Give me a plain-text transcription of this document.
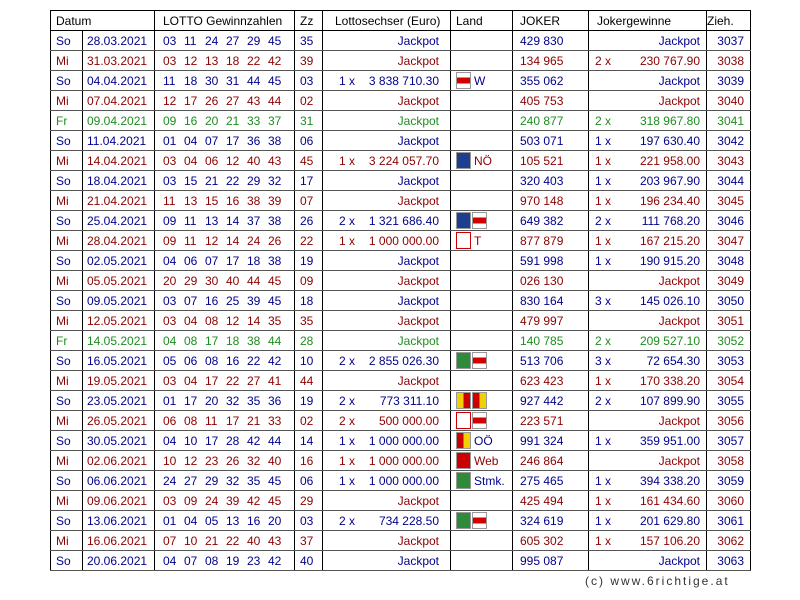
Datum		LOTTO Gewinnzahlen	Zz	Lottosechser (Euro)	Land	JOKER	Jokergewinne	Zieh.
So	28.03.2021	03 11 24 27 29 45	35	Jackpot		429 830	Jackpot	3037
Mi	31.03.2021	03 12 13 18 22 42	39	Jackpot		134 965	2 x 230 767.90	3038
So	04.04.2021	11 18 30 31 44 45	03	1 x 3 838 710.30	W	355 062	Jackpot	3039
Mi	07.04.2021	12 17 26 27 43 44	02	Jackpot		405 753	Jackpot	3040
Fr	09.04.2021	09 16 20 21 33 37	31	Jackpot		240 877	2 x 318 967.80	3041
So	11.04.2021	01 04 07 17 36 38	06	Jackpot		503 071	1 x 197 630.40	3042
Mi	14.04.2021	03 04 06 12 40 43	45	1 x 3 224 057.70	NÖ	105 521	1 x 221 958.00	3043
So	18.04.2021	03 15 21 22 29 32	17	Jackpot		320 403	1 x 203 967.90	3044
Mi	21.04.2021	11 13 15 16 38 39	07	Jackpot		970 148	1 x 196 234.40	3045
So	25.04.2021	09 11 13 14 37 38	26	2 x 1 321 686.40		649 382	2 x 111 768.20	3046
Mi	28.04.2021	09 11 12 14 24 26	22	1 x 1 000 000.00	T	877 879	1 x 167 215.20	3047
So	02.05.2021	04 06 07 17 18 38	19	Jackpot		591 998	1 x 190 915.20	3048
Mi	05.05.2021	20 29 30 40 44 45	09	Jackpot		026 130	Jackpot	3049
So	09.05.2021	03 07 16 25 39 45	18	Jackpot		830 164	3 x 145 026.10	3050
Mi	12.05.2021	03 04 08 12 14 35	35	Jackpot		479 997	Jackpot	3051
Fr	14.05.2021	04 08 17 18 38 44	28	Jackpot		140 785	2 x 209 527.10	3052
So	16.05.2021	05 06 08 16 22 42	10	2 x 2 855 026.30		513 706	3 x 72 654.30	3053
Mi	19.05.2021	03 04 17 22 27 41	44	Jackpot		623 423	1 x 170 338.20	3054
So	23.05.2021	01 17 20 32 35 36	19	2 x 773 311.10		927 442	2 x 107 899.90	3055
Mi	26.05.2021	06 08 11 17 21 33	02	2 x 500 000.00		223 571	Jackpot	3056
So	30.05.2021	04 10 17 28 42 44	14	1 x 1 000 000.00	OÖ	991 324	1 x 359 951.00	3057
Mi	02.06.2021	10 12 23 26 32 40	16	1 x 1 000 000.00	Web	246 864	Jackpot	3058
So	06.06.2021	24 27 29 32 35 45	06	1 x 1 000 000.00	Stmk.	275 465	1 x 394 338.20	3059
Mi	09.06.2021	03 09 24 39 42 45	29	Jackpot		425 494	1 x 161 434.60	3060
So	13.06.2021	01 04 05 13 16 20	03	2 x 734 228.50		324 619	1 x 201 629.80	3061
Mi	16.06.2021	07 10 21 22 40 43	37	Jackpot		605 302	1 x 157 106.20	3062
So	20.06.2021	04 07 08 19 23 42	40	Jackpot		995 087	Jackpot	3063
(c) www.6richtige.at
